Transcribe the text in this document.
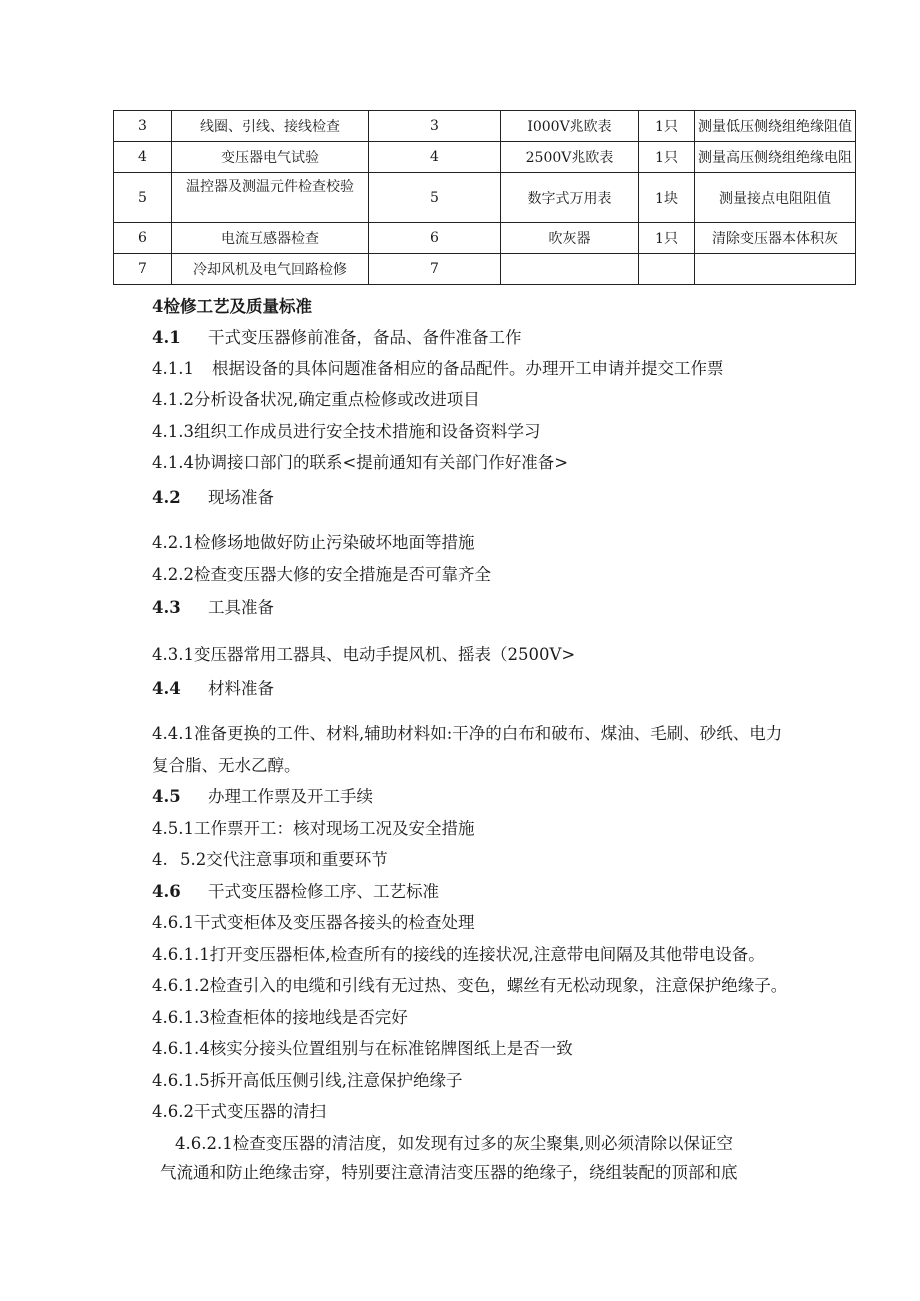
3	线圈、引线、接线检查	3	I000V兆欧表	1只	测量低压侧绕组绝缘阻值
4	变压器电气试验	4	2500V兆欧表	1只	测量高压侧绕组绝缘电阻
5	温控器及测温元件检查校验	5	数字式万用表	1块	测量接点电阻阻值
6	电流互感器检查	6	吹灰器	1只	清除变压器本体积灰
7	冷却风机及电气回路检修	7			
4检修工艺及质量标准
4.1 干式变压器修前准备，备品、备件准备工作
4.1.1 根据设备的具体问题准备相应的备品配件。办理开工申请并提交工作票
4.1.2分析设备状况,确定重点检修或改进项目
4.1.3组织工作成员进行安全技术措施和设备资料学习
4.1.4协调接口部门的联系<提前通知有关部门作好准备>
4.2 现场准备
4.2.1检修场地做好防止污染破坏地面等措施
4.2.2检查变压器大修的安全措施是否可靠齐全
4.3 工具准备
4.3.1变压器常用工器具、电动手提风机、摇表（2500V>
4.4 材料准备
4.4.1准备更换的工件、材料,辅助材料如:干净的白布和破布、煤油、毛刷、砂纸、电力
复合脂、无水乙醇。
4.5 办理工作票及开工手续
4.5.1工作票开工：核对现场工况及安全措施
4. 5.2交代注意事项和重要环节
4.6 干式变压器检修工序、工艺标准
4.6.1干式变柜体及变压器各接头的检查处理
4.6.1.1打开变压器柜体,检查所有的接线的连接状况,注意带电间隔及其他带电设备。
4.6.1.2检查引入的电缆和引线有无过热、变色，螺丝有无松动现象，注意保护绝缘子。
4.6.1.3检查柜体的接地线是否完好
4.6.1.4核实分接头位置组别与在标准铭牌图纸上是否一致
4.6.1.5拆开高低压侧引线,注意保护绝缘子
4.6.2干式变压器的清扫
4.6.2.1检查变压器的清洁度，如发现有过多的灰尘聚集,则必须清除以保证空
气流通和防止绝缘击穿，特别要注意清洁变压器的绝缘子，绕组装配的顶部和底
